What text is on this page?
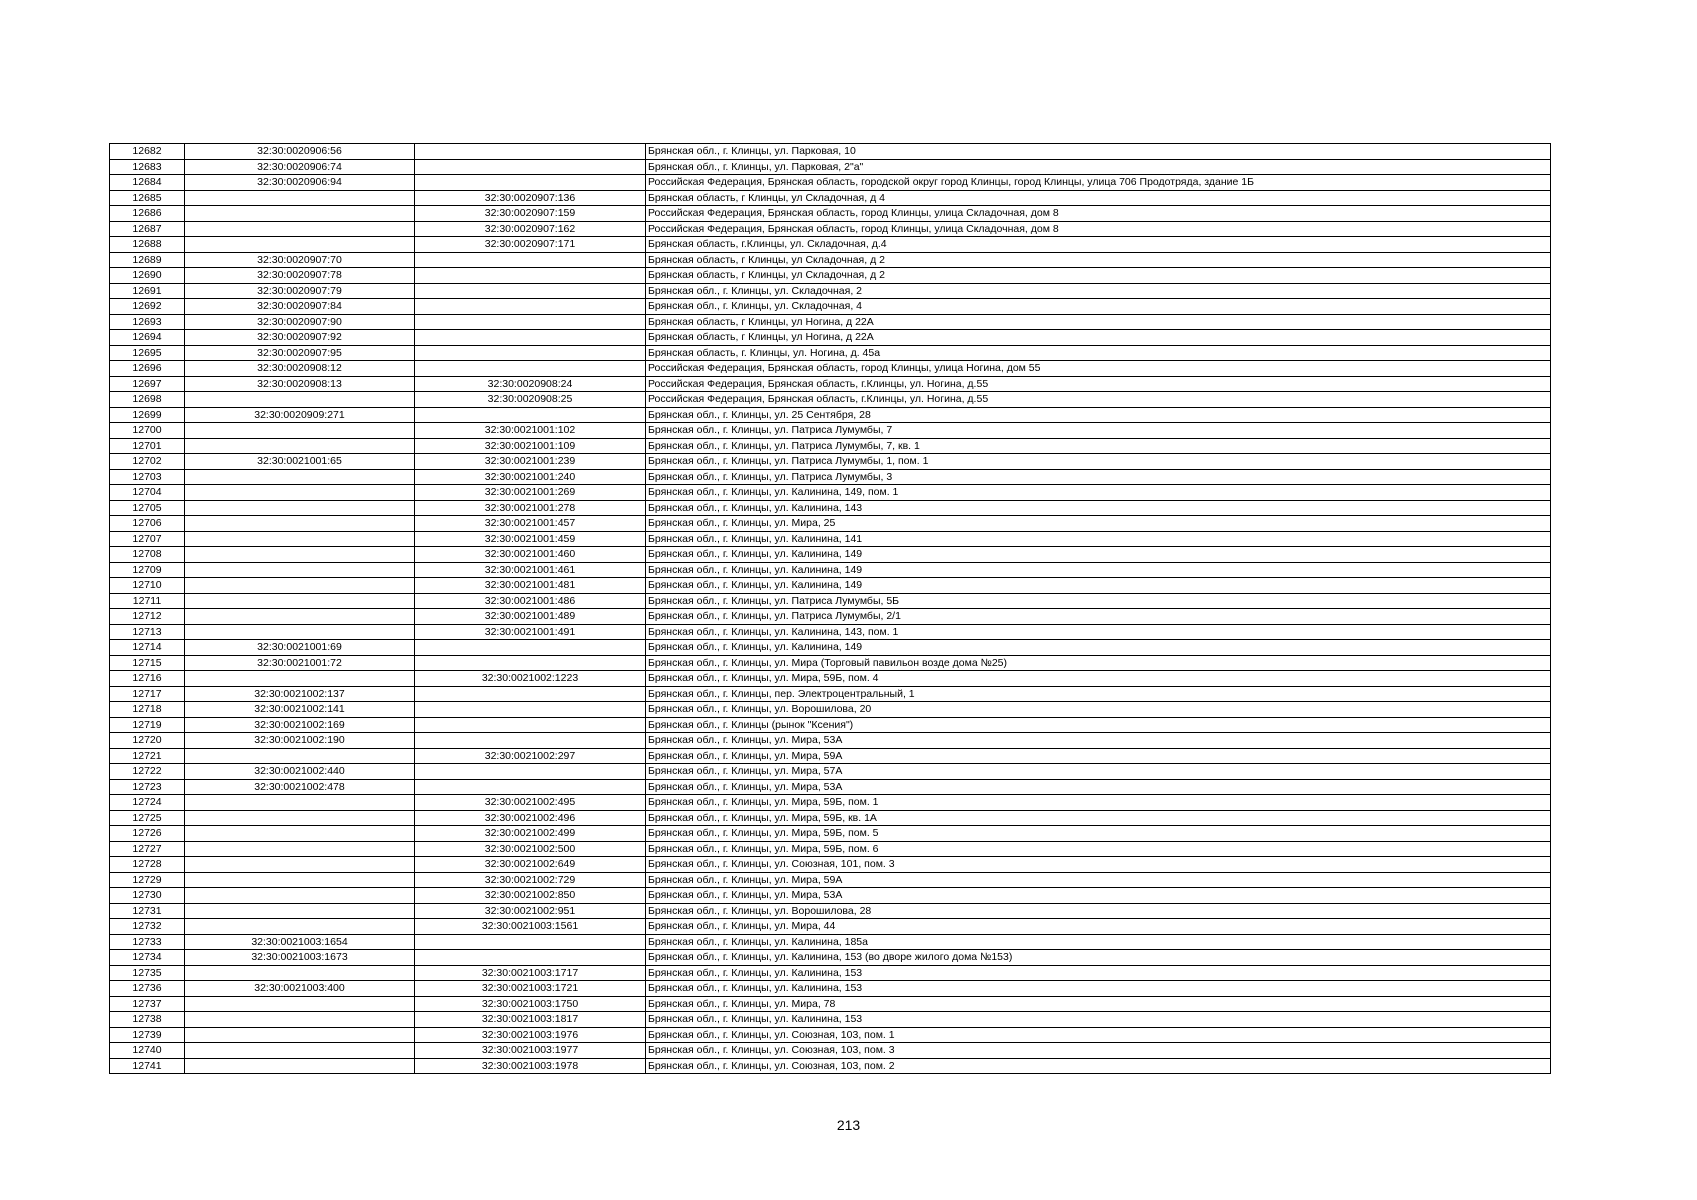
12682	32:30:0020906:56		Брянская обл., г. Клинцы, ул. Парковая, 10
12683	32:30:0020906:74		Брянская обл., г. Клинцы, ул. Парковая, 2"а"
12684	32:30:0020906:94		Российская Федерация, Брянская область, городской округ город Клинцы, город Клинцы, улица 706 Продотряда, здание 1Б
12685		32:30:0020907:136	Брянская область, г Клинцы, ул Складочная, д 4
12686		32:30:0020907:159	Российская Федерация, Брянская область, город Клинцы, улица Складочная, дом 8
12687		32:30:0020907:162	Российская Федерация, Брянская область, город Клинцы, улица Складочная, дом 8
12688		32:30:0020907:171	Брянская область, г.Клинцы, ул. Складочная, д.4
12689	32:30:0020907:70		Брянская область, г Клинцы, ул Складочная, д 2
12690	32:30:0020907:78		Брянская область, г Клинцы, ул Складочная, д 2
12691	32:30:0020907:79		Брянская обл., г. Клинцы, ул. Складочная, 2
12692	32:30:0020907:84		Брянская обл., г. Клинцы, ул. Складочная, 4
12693	32:30:0020907:90		Брянская область, г Клинцы, ул Ногина, д 22А
12694	32:30:0020907:92		Брянская область, г Клинцы, ул Ногина, д 22А
12695	32:30:0020907:95		Брянская область, г. Клинцы, ул. Ногина, д. 45а
12696	32:30:0020908:12		Российская Федерация, Брянская область, город Клинцы, улица Ногина, дом 55
12697	32:30:0020908:13	32:30:0020908:24	Российская Федерация, Брянская область, г.Клинцы, ул. Ногина, д.55
12698		32:30:0020908:25	Российская Федерация, Брянская область, г.Клинцы, ул. Ногина, д.55
12699	32:30:0020909:271		Брянская обл., г. Клинцы, ул. 25 Сентября, 28
12700		32:30:0021001:102	Брянская обл., г. Клинцы, ул. Патриса Лумумбы, 7
12701		32:30:0021001:109	Брянская обл., г. Клинцы, ул. Патриса Лумумбы, 7, кв. 1
12702	32:30:0021001:65	32:30:0021001:239	Брянская обл., г. Клинцы, ул. Патриса Лумумбы, 1, пом. 1
12703		32:30:0021001:240	Брянская обл., г. Клинцы, ул. Патриса Лумумбы, 3
12704		32:30:0021001:269	Брянская обл., г. Клинцы, ул. Калинина, 149, пом. 1
12705		32:30:0021001:278	Брянская обл., г. Клинцы, ул. Калинина, 143
12706		32:30:0021001:457	Брянская обл., г. Клинцы, ул. Мира, 25
12707		32:30:0021001:459	Брянская обл., г. Клинцы, ул. Калинина, 141
12708		32:30:0021001:460	Брянская обл., г. Клинцы, ул. Калинина, 149
12709		32:30:0021001:461	Брянская обл., г. Клинцы, ул. Калинина, 149
12710		32:30:0021001:481	Брянская обл., г. Клинцы, ул. Калинина, 149
12711		32:30:0021001:486	Брянская обл., г. Клинцы, ул. Патриса Лумумбы, 5Б
12712		32:30:0021001:489	Брянская обл., г. Клинцы, ул. Патриса Лумумбы, 2/1
12713		32:30:0021001:491	Брянская обл., г. Клинцы, ул. Калинина, 143, пом. 1
12714	32:30:0021001:69		Брянская обл., г. Клинцы, ул. Калинина, 149
12715	32:30:0021001:72		Брянская обл., г. Клинцы, ул. Мира (Торговый павильон возде дома №25)
12716		32:30:0021002:1223	Брянская обл., г. Клинцы, ул. Мира, 59Б, пом. 4
12717	32:30:0021002:137		Брянская обл., г. Клинцы, пер. Электроцентральный, 1
12718	32:30:0021002:141		Брянская обл., г. Клинцы, ул. Ворошилова, 20
12719	32:30:0021002:169		Брянская обл., г. Клинцы (рынок "Ксения")
12720	32:30:0021002:190		Брянская обл., г. Клинцы, ул. Мира, 53А
12721		32:30:0021002:297	Брянская обл., г. Клинцы, ул. Мира, 59А
12722	32:30:0021002:440		Брянская обл., г. Клинцы, ул. Мира, 57А
12723	32:30:0021002:478		Брянская обл., г. Клинцы, ул. Мира, 53А
12724		32:30:0021002:495	Брянская обл., г. Клинцы, ул. Мира, 59Б, пом. 1
12725		32:30:0021002:496	Брянская обл., г. Клинцы, ул. Мира, 59Б, кв. 1А
12726		32:30:0021002:499	Брянская обл., г. Клинцы, ул. Мира, 59Б, пом. 5
12727		32:30:0021002:500	Брянская обл., г. Клинцы, ул. Мира, 59Б, пом. 6
12728		32:30:0021002:649	Брянская обл., г. Клинцы, ул. Союзная, 101, пом. 3
12729		32:30:0021002:729	Брянская обл., г. Клинцы, ул. Мира, 59А
12730		32:30:0021002:850	Брянская обл., г. Клинцы, ул. Мира, 53А
12731		32:30:0021002:951	Брянская обл., г. Клинцы, ул. Ворошилова, 28
12732		32:30:0021003:1561	Брянская обл., г. Клинцы, ул. Мира, 44
12733	32:30:0021003:1654		Брянская обл., г. Клинцы, ул. Калинина, 185а
12734	32:30:0021003:1673		Брянская обл., г. Клинцы, ул. Калинина, 153 (во дворе жилого дома №153)
12735		32:30:0021003:1717	Брянская обл., г. Клинцы, ул. Калинина, 153
12736	32:30:0021003:400	32:30:0021003:1721	Брянская обл., г. Клинцы, ул. Калинина, 153
12737		32:30:0021003:1750	Брянская обл., г. Клинцы, ул. Мира, 78
12738		32:30:0021003:1817	Брянская обл., г. Клинцы, ул. Калинина, 153
12739		32:30:0021003:1976	Брянская обл., г. Клинцы, ул. Союзная, 103, пом. 1
12740		32:30:0021003:1977	Брянская обл., г. Клинцы, ул. Союзная, 103, пом. 3
12741		32:30:0021003:1978	Брянская обл., г. Клинцы, ул. Союзная, 103, пом. 2
213
